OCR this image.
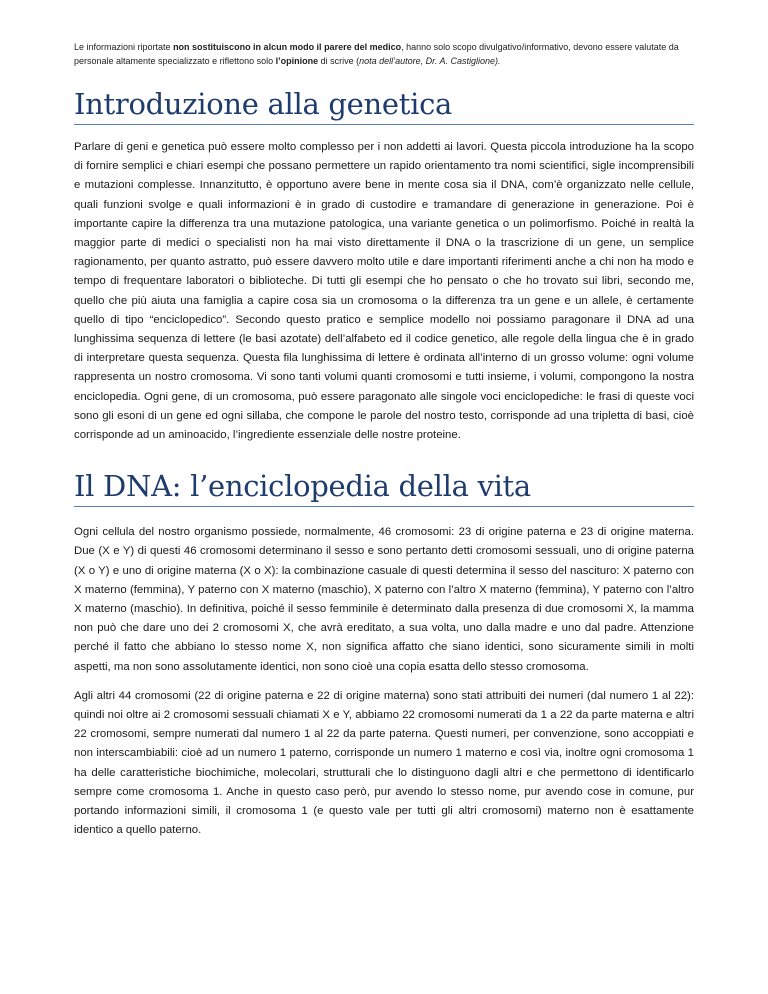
Le informazioni riportate non sostituiscono in alcun modo il parere del medico, hanno solo scopo divulgativo/informativo, devono essere valutate da personale altamente specializzato e riflettono solo l’opinione di scrive (nota dell’autore, Dr. A. Castiglione).

Introduzione alla genetica

Parlare di geni e genetica può essere molto complesso per i non addetti ai lavori. Questa piccola introduzione ha la scopo di fornire semplici e chiari esempi che possano permettere un rapido orientamento tra nomi scientifici, sigle incomprensibili e mutazioni complesse. Innanzitutto, è opportuno avere bene in mente cosa sia il DNA, com’è organizzato nelle cellule, quali funzioni svolge e quali informazioni è in grado di custodire e tramandare di generazione in generazione. Poi è importante capire la differenza tra una mutazione patologica, una variante genetica o un polimorfismo. Poiché in realtà la maggior parte di medici o specialisti non ha mai visto direttamente il DNA o la trascrizione di un gene, un semplice ragionamento, per quanto astratto, può essere davvero molto utile e dare importanti riferimenti anche a chi non ha modo e tempo di frequentare laboratori o biblioteche. Di tutti gli esempi che ho pensato o che ho trovato sui libri, secondo me, quello che più aiuta una famiglia a capire cosa sia un cromosoma o la differenza tra un gene e un allele, è certamente quello di tipo “enciclopedico”. Secondo questo pratico e semplice modello noi possiamo paragonare il DNA ad una lunghissima sequenza di lettere (le basi azotate) dell’alfabeto ed il codice genetico, alle regole della lingua che è in grado di interpretare questa sequenza. Questa fila lunghissima di lettere è ordinata all’interno di un grosso volume: ogni volume rappresenta un nostro cromosoma. Vi sono tanti volumi quanti cromosomi e tutti insieme, i volumi, compongono la nostra enciclopedia. Ogni gene, di un cromosoma, può essere paragonato alle singole voci enciclopediche: le frasi di queste voci sono gli esoni di un gene ed ogni sillaba, che compone le parole del nostro testo, corrisponde ad una tripletta di basi, cioè corrisponde ad un aminoacido, l’ingrediente essenziale delle nostre proteine.

Il DNA: l’enciclopedia della vita

Ogni cellula del nostro organismo possiede, normalmente, 46 cromosomi: 23 di origine paterna e 23 di origine materna. Due (X e Y) di questi 46 cromosomi determinano il sesso e sono pertanto detti cromosomi sessuali, uno di origine paterna (X o Y) e uno di origine materna (X o X): la combinazione casuale di questi determina il sesso del nascituro: X paterno con X materno (femmina), Y paterno con X materno (maschio), X paterno con l’altro X materno (femmina), Y paterno con l’altro X materno (maschio). In definitiva, poiché il sesso femminile è determinato dalla presenza di due cromosomi X, la mamma non può che dare uno dei 2 cromosomi X, che avrà ereditato, a sua volta, uno dalla madre e uno dal padre. Attenzione perché il fatto che abbiano lo stesso nome X, non significa affatto che siano identici, sono sicuramente simili in molti aspetti, ma non sono assolutamente identici, non sono cioè una copia esatta dello stesso cromosoma.

Agli altri 44 cromosomi (22 di origine paterna e 22 di origine materna) sono stati attribuiti dei numeri (dal numero 1 al 22): quindi noi oltre ai 2 cromosomi sessuali chiamati X e Y, abbiamo 22 cromosomi numerati da 1 a 22 da parte materna e altri 22 cromosomi, sempre numerati dal numero 1 al 22 da parte paterna. Questi numeri, per convenzione, sono accoppiati e non interscambiabili: cioè ad un numero 1 paterno, corrisponde un numero 1 materno e così via, inoltre ogni cromosoma 1 ha delle caratteristiche biochimiche, molecolari, strutturali che lo distinguono dagli altri e che permettono di identificarlo sempre come cromosoma 1. Anche in questo caso però, pur avendo lo stesso nome, pur avendo cose in comune, pur portando informazioni simili, il cromosoma 1 (e questo vale per tutti gli altri cromosomi) materno non è esattamente identico a quello paterno.
